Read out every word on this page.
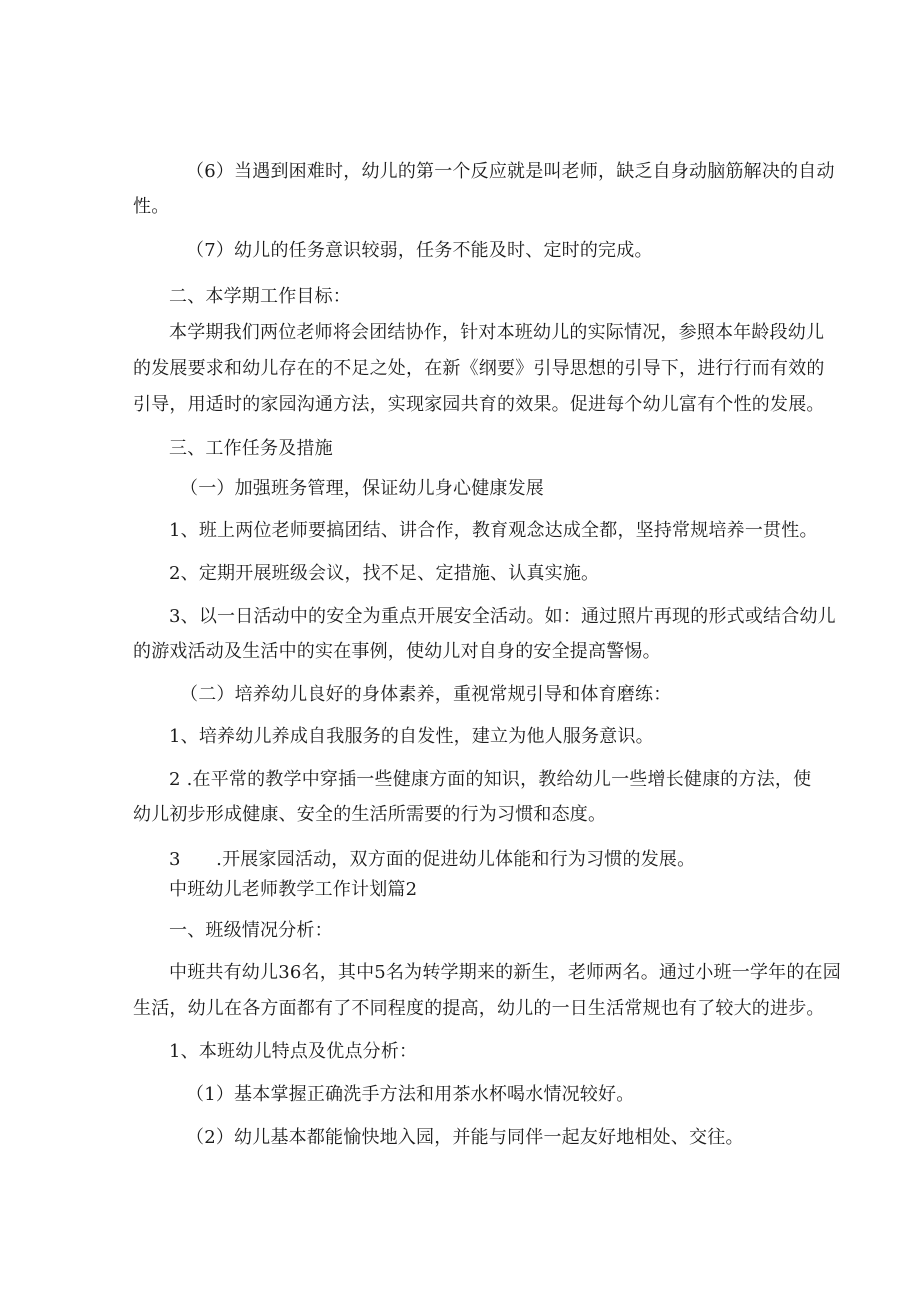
（6）当遇到困难时，幼儿的第一个反应就是叫老师，缺乏自身动脑筋解决的自动
性。
（7）幼儿的任务意识较弱，任务不能及时、定时的完成。
二、本学期工作目标：
本学期我们两位老师将会团结协作，针对本班幼儿的实际情况，参照本年龄段幼儿
的发展要求和幼儿存在的不足之处，在新《纲要》引导思想的引导下，进行行而有效的
引导，用适时的家园沟通方法，实现家园共育的效果。促进每个幼儿富有个性的发展。
三、工作任务及措施
（一）加强班务管理，保证幼儿身心健康发展
1、班上两位老师要搞团结、讲合作，教育观念达成全都，坚持常规培养一贯性。
2、定期开展班级会议，找不足、定措施、认真实施。
3、以一日活动中的安全为重点开展安全活动。如：通过照片再现的形式或结合幼儿
的游戏活动及生活中的实在事例，使幼儿对自身的安全提高警惕。
（二）培养幼儿良好的身体素养，重视常规引导和体育磨练：
1、培养幼儿养成自我服务的自发性，建立为他人服务意识。
2 .在平常的教学中穿插一些健康方面的知识，教给幼儿一些增长健康的方法，使
幼儿初步形成健康、安全的生活所需要的行为习惯和态度。
3      .开展家园活动，双方面的促进幼儿体能和行为习惯的发展。
中班幼儿老师教学工作计划篇2
一、班级情况分析：
中班共有幼儿36名，其中5名为转学期来的新生，老师两名。通过小班一学年的在园
生活，幼儿在各方面都有了不同程度的提高，幼儿的一日生活常规也有了较大的进步。
1、本班幼儿特点及优点分析：
（1）基本掌握正确洗手方法和用茶水杯喝水情况较好。
（2）幼儿基本都能愉快地入园，并能与同伴一起友好地相处、交往。
